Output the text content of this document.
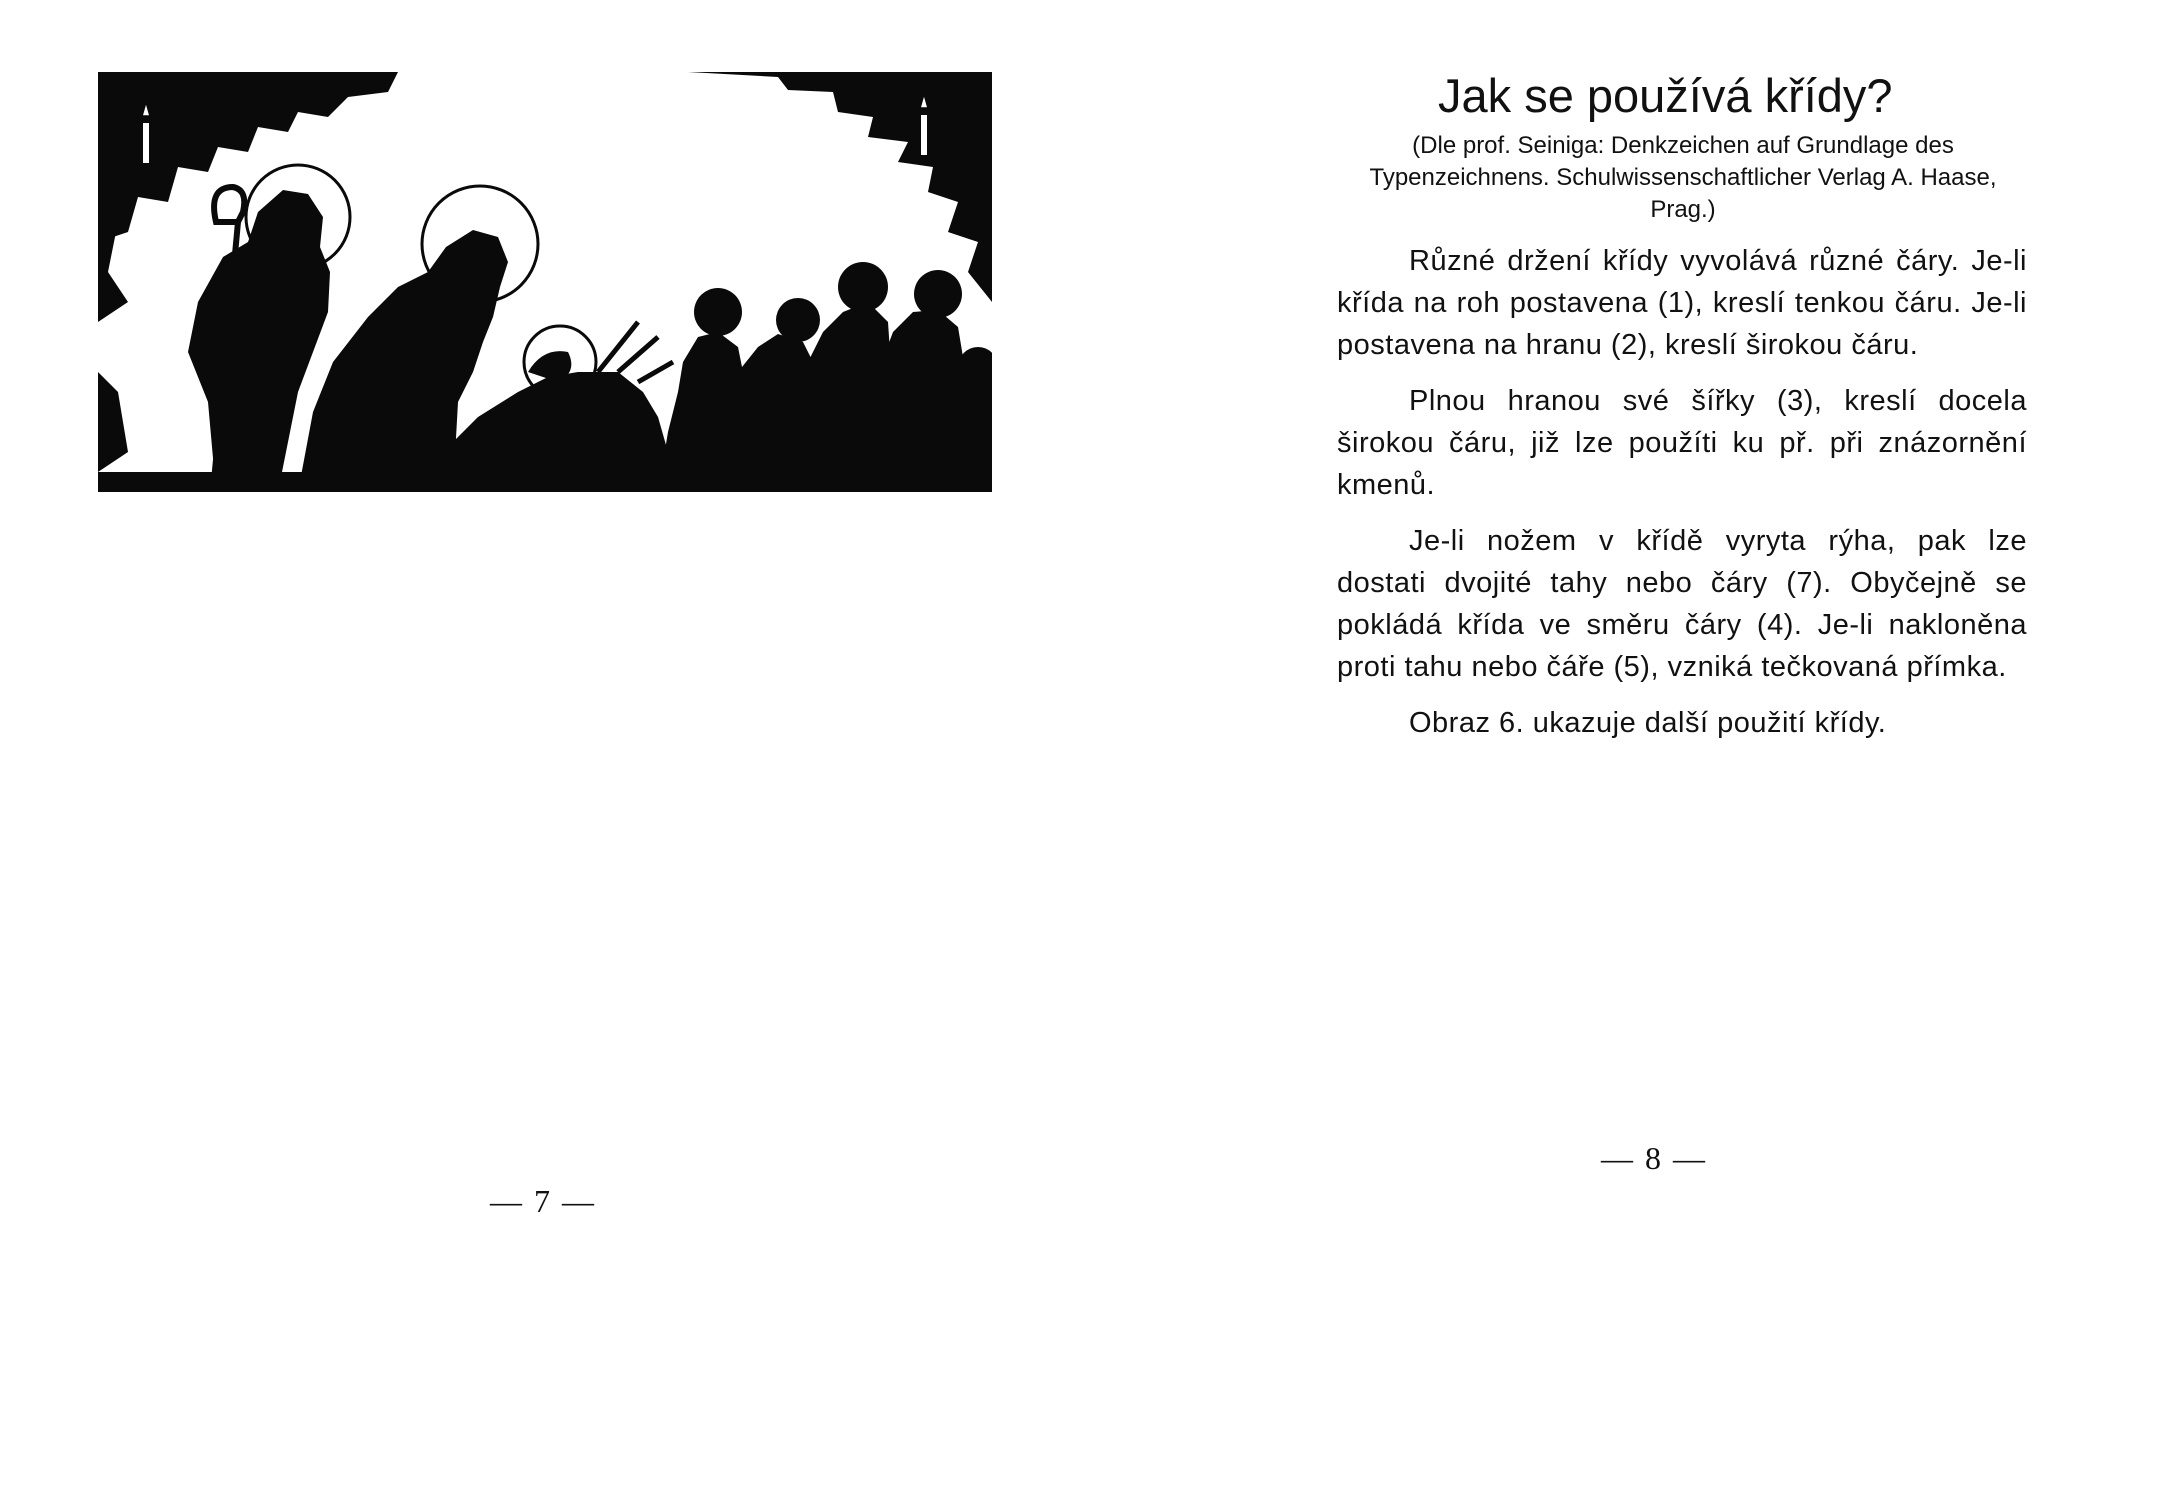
— 7 —
Jak se používá křídy?

(Dle prof. Seiniga: Denkzeichen auf Grundlage des Typenzeichnens. Schulwissenschaftlicher Verlag A. Haase, Prag.)

Různé držení křídy vyvolává různé čáry. Je-li křída na roh postavena (1), kreslí tenkou čáru. Je-li postavena na hranu (2), kreslí širokou čáru.

Plnou hranou své šířky (3), kreslí docela širokou čáru, již lze použíti ku př. při znázornění kmenů.

Je-li nožem v křídě vyryta rýha, pak lze dostati dvojité tahy nebo čáry (7). Obyčejně se pokládá křída ve směru čáry (4). Je-li nakloněna proti tahu nebo čáře (5), vzniká tečkovaná přímka.

Obraz 6. ukazuje další použití křídy.

— 8 —
